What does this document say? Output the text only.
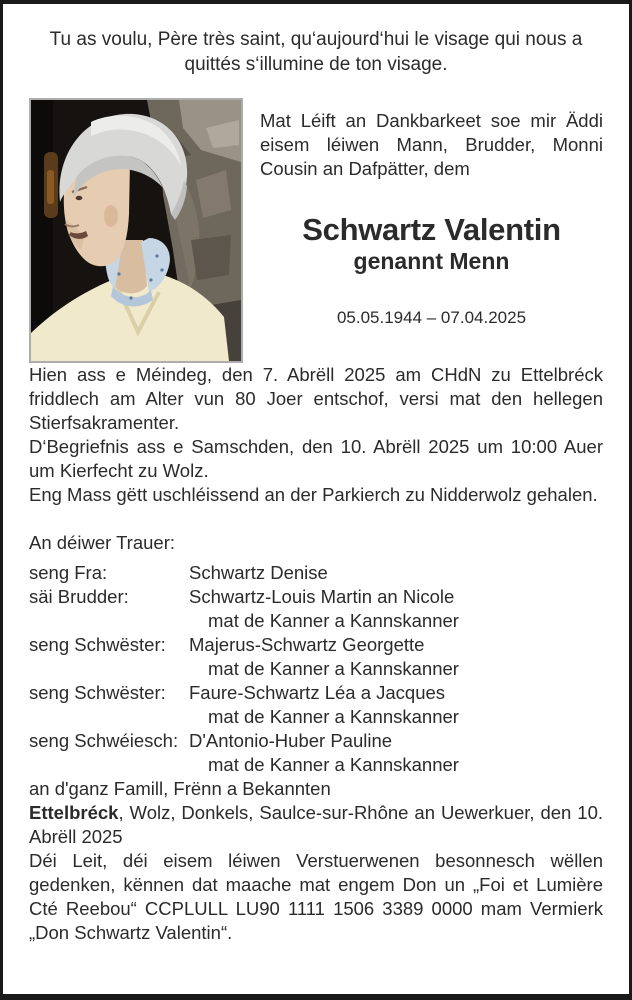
Tu as voulu, Père très saint, qu‘aujourd‘hui le visage qui nous a quittés s‘illumine de ton visage.

Mat Léift an Dankbarkeet soe mir Äddi eisem léiwen Mann, Brudder, Monni Cousin an Dafpätter, dem

Schwartz Valentin
genannt Menn
05.05.1944 – 07.04.2025

Hien ass e Méindeg, den 7. Abrëll 2025 am CHdN zu Ettelbréck friddlech am Alter vun 80 Joer entschof, versi mat den hellegen Stierfsakramenter.

D‘Begriefnis ass e Samschden, den 10. Abrëll 2025 um 10:00 Auer um Kierfecht zu Wolz.

Eng Mass gëtt uschléissend an der Parkierch zu Nidderwolz gehalen.

An déiwer Trauer:
seng Fra:	Schwartz Denise
säi Brudder:	Schwartz-Louis Martin an Nicole
mat de Kanner a Kannskanner
seng Schwëster:	Majerus-Schwartz Georgette
mat de Kanner a Kannskanner
seng Schwëster:	Faure-Schwartz Léa a Jacques
mat de Kanner a Kannskanner
seng Schwéiesch: D'Antonio-Huber Pauline
mat de Kanner a Kannskanner
an d'ganz Famill, Frënn a Bekannten

Ettelbréck, Wolz, Donkels, Saulce-sur-Rhône an Uewerkuer, den 10. Abrëll 2025

Déi Leit, déi eisem léiwen Verstuerwenen besonnesch wëllen gedenken, kënnen dat maache mat engem Don un „Foi et Lumière Cté Reebou“ CCPLULL LU90 1111 1506 3389 0000 mam Vermierk „Don Schwartz Valentin“.
